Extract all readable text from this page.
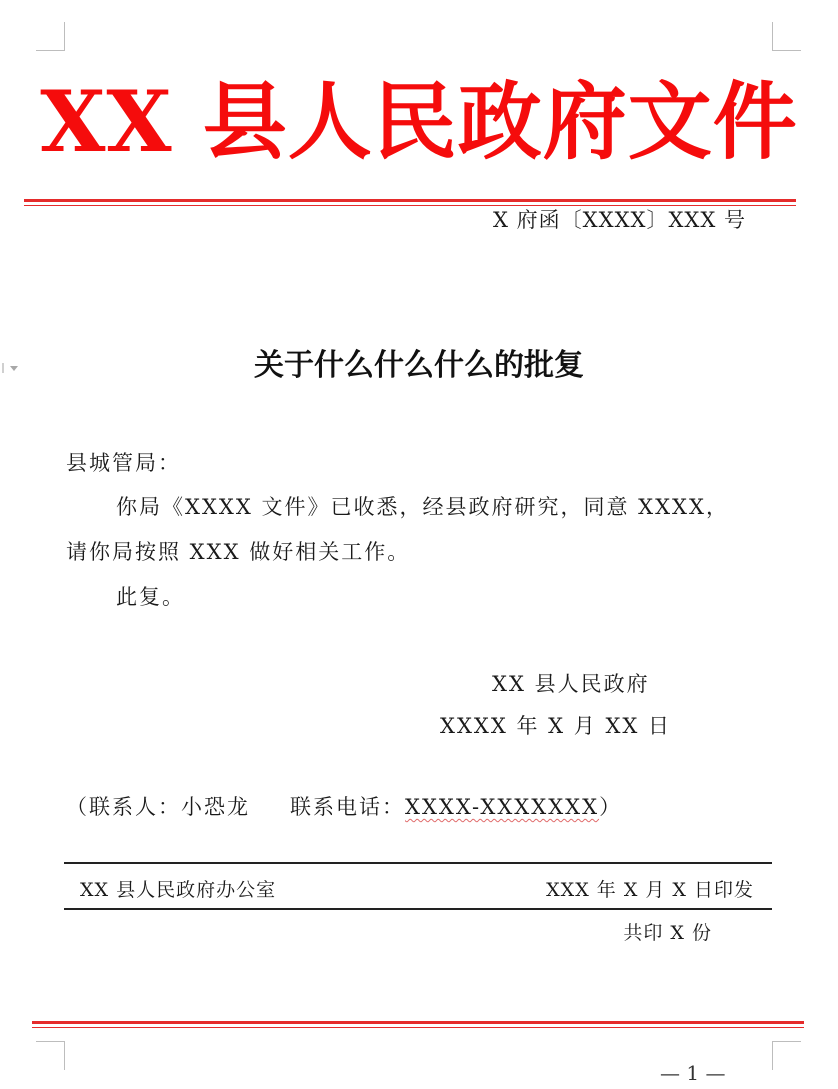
XX 县人民政府文件
X 府函〔XXXX〕XXX 号
关于什么什么什么的批复
县城管局：
你局《XXXX 文件》已收悉，经县政府研究，同意 XXXX，
请你局按照 XXX 做好相关工作。
此复。
XX 县人民政府
XXXX 年 X 月 XX 日
（联系人：小恐龙 联系电话：XXXX-XXXXXXX）
XX 县人民政府办公室	XXX 年 X 月 X 日印发
共印 X 份
— 1 —
